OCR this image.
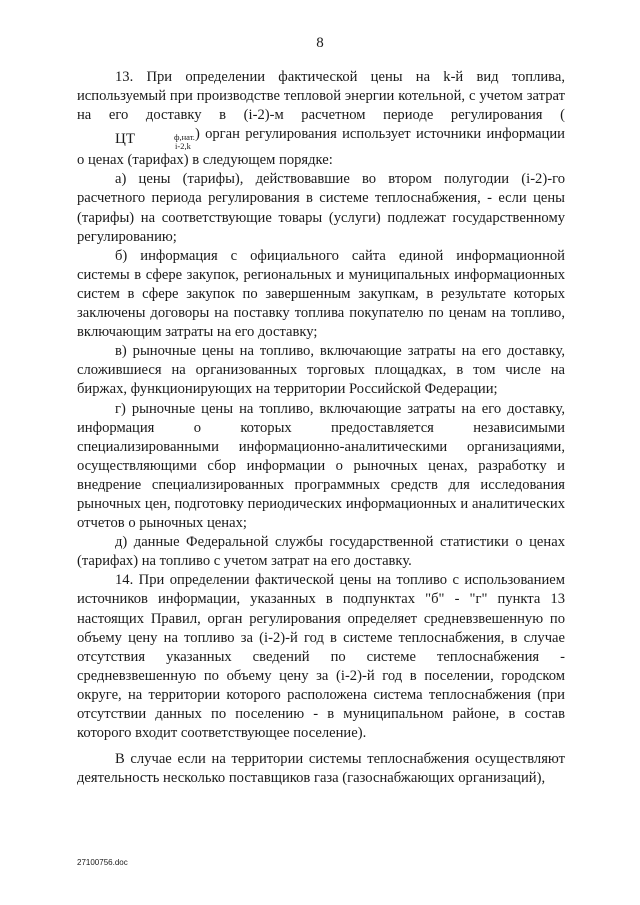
8

13. При определении фактической цены на k-й вид топлива, используемый при производстве тепловой энергии котельной, с учетом затрат на его доставку в (i-2)-м расчетном периоде регулирования (ЦТ	ф,нат.
i-2,k
) орган регулирования использует источники информации о ценах (тарифах) в следующем порядке:

а) цены (тарифы), действовавшие во втором полугодии (i-2)-го расчетного периода регулирования в системе теплоснабжения, - если цены (тарифы) на соответствующие товары (услуги) подлежат государственному регулированию;

б) информация с официального сайта единой информационной системы в сфере закупок, региональных и муниципальных информационных систем в сфере закупок по завершенным закупкам, в результате которых заключены договоры на поставку топлива покупателю по ценам на топливо, включающим затраты на его доставку;

в) рыночные цены на топливо, включающие затраты на его доставку, сложившиеся на организованных торговых площадках, в том числе на биржах, функционирующих на территории Российской Федерации;

г) рыночные цены на топливо, включающие затраты на его доставку, информация о которых предоставляется независимыми специализированными информационно-аналитическими организациями, осуществляющими сбор информации о рыночных ценах, разработку и внедрение специализированных программных средств для исследования рыночных цен, подготовку периодических информационных и аналитических отчетов о рыночных ценах;

д) данные Федеральной службы государственной статистики о ценах (тарифах) на топливо с учетом затрат на его доставку.

14. При определении фактической цены на топливо с использованием источников информации, указанных в подпунктах "б" - "г" пункта 13 настоящих Правил, орган регулирования определяет средневзвешенную по объему цену на топливо за (i-2)-й год в системе теплоснабжения, в случае отсутствия указанных сведений по системе теплоснабжения - средневзвешенную по объему цену за (i-2)-й год в поселении, городском округе, на территории которого расположена система теплоснабжения (при отсутствии данных по поселению - в муниципальном районе, в состав которого входит соответствующее поселение).

В случае если на территории системы теплоснабжения осуществляют деятельность несколько поставщиков газа (газоснабжающих организаций),

27100756.doc
